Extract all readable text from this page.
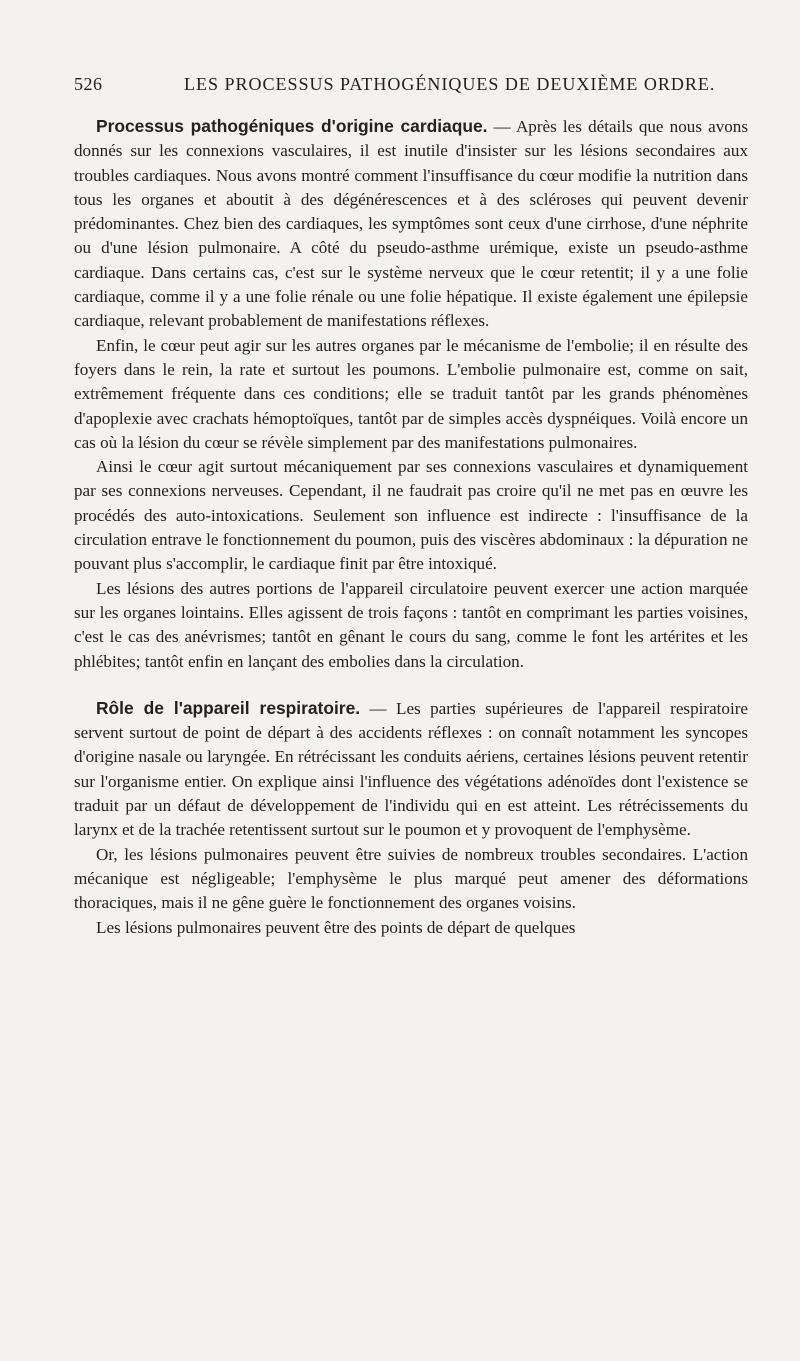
526	LES PROCESSUS PATHOGÉNIQUES DE DEUXIÈME ORDRE.

Processus pathogéniques d'origine cardiaque. — Après les détails que nous avons donnés sur les connexions vasculaires, il est inutile d'insister sur les lésions secondaires aux troubles cardiaques. Nous avons montré comment l'insuffisance du cœur modifie la nutrition dans tous les organes et aboutit à des dégénérescences et à des scléroses qui peuvent devenir prédominantes. Chez bien des cardiaques, les symptômes sont ceux d'une cirrhose, d'une néphrite ou d'une lésion pulmonaire. A côté du pseudo-asthme urémique, existe un pseudo-asthme cardiaque. Dans certains cas, c'est sur le système nerveux que le cœur retentit; il y a une folie cardiaque, comme il y a une folie rénale ou une folie hépatique. Il existe également une épilepsie cardiaque, relevant probablement de manifestations réflexes.

Enfin, le cœur peut agir sur les autres organes par le mécanisme de l'embolie; il en résulte des foyers dans le rein, la rate et surtout les poumons. L'embolie pulmonaire est, comme on sait, extrêmement fréquente dans ces conditions; elle se traduit tantôt par les grands phénomènes d'apoplexie avec crachats hémoptoïques, tantôt par de simples accès dyspnéiques. Voilà encore un cas où la lésion du cœur se révèle simplement par des manifestations pulmonaires.

Ainsi le cœur agit surtout mécaniquement par ses connexions vasculaires et dynamiquement par ses connexions nerveuses. Cependant, il ne faudrait pas croire qu'il ne met pas en œuvre les procédés des auto-intoxications. Seulement son influence est indirecte : l'insuffisance de la circulation entrave le fonctionnement du poumon, puis des viscères abdominaux : la dépuration ne pouvant plus s'accomplir, le cardiaque finit par être intoxiqué.

Les lésions des autres portions de l'appareil circulatoire peuvent exercer une action marquée sur les organes lointains. Elles agissent de trois façons : tantôt en comprimant les parties voisines, c'est le cas des anévrismes; tantôt en gênant le cours du sang, comme le font les artérites et les phlébites; tantôt enfin en lançant des embolies dans la circulation.

Rôle de l'appareil respiratoire. — Les parties supérieures de l'appareil respiratoire servent surtout de point de départ à des accidents réflexes : on connaît notamment les syncopes d'origine nasale ou laryngée. En rétrécissant les conduits aériens, certaines lésions peuvent retentir sur l'organisme entier. On explique ainsi l'influence des végétations adénoïdes dont l'existence se traduit par un défaut de développement de l'individu qui en est atteint. Les rétrécissements du larynx et de la trachée retentissent surtout sur le poumon et y provoquent de l'emphysème.

Or, les lésions pulmonaires peuvent être suivies de nombreux troubles secondaires. L'action mécanique est négligeable; l'emphysème le plus marqué peut amener des déformations thoraciques, mais il ne gêne guère le fonctionnement des organes voisins.

Les lésions pulmonaires peuvent être des points de départ de quelques
